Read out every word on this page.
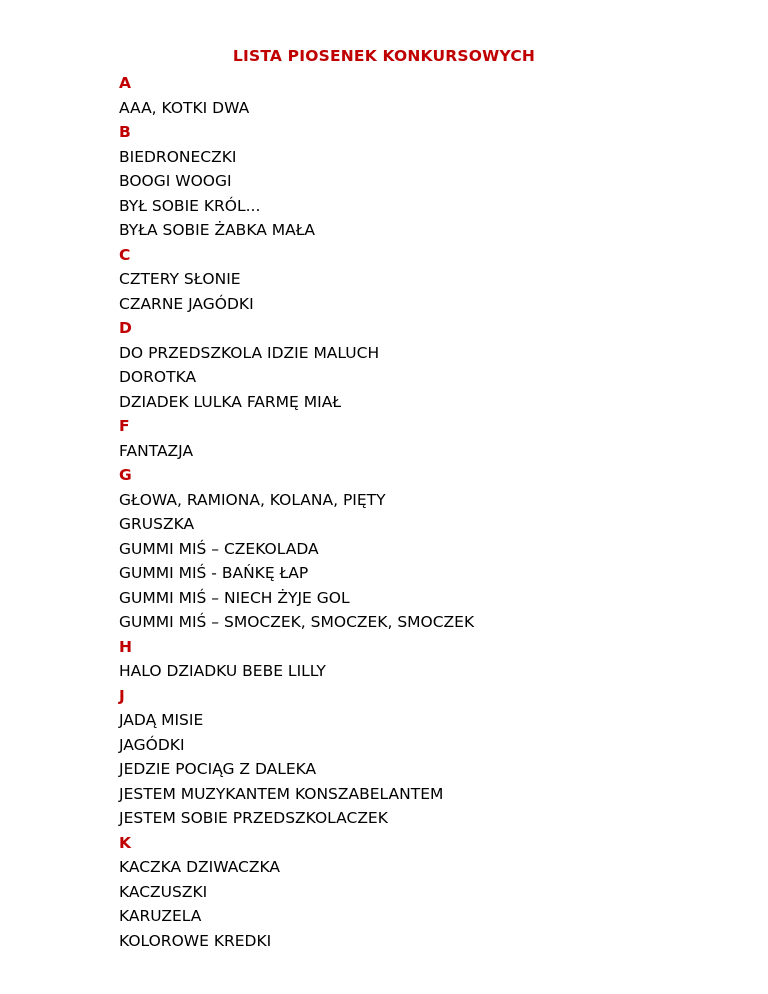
LISTA PIOSENEK KONKURSOWYCH
A
AAA, KOTKI DWA
B
BIEDRONECZKI
BOOGI WOOGI
BYŁ SOBIE KRÓL...
BYŁA SOBIE ŻABKA MAŁA
C
CZTERY SŁONIE
CZARNE JAGÓDKI
D
DO PRZEDSZKOLA IDZIE MALUCH
DOROTKA
DZIADEK LULKA FARMĘ MIAŁ
F
FANTAZJA
G
GŁOWA, RAMIONA, KOLANA, PIĘTY
GRUSZKA
GUMMI MIŚ – CZEKOLADA
GUMMI MIŚ - BAŃKĘ ŁAP
GUMMI MIŚ – NIECH ŻYJE GOL
GUMMI MIŚ – SMOCZEK, SMOCZEK, SMOCZEK
H
HALO DZIADKU BEBE LILLY
J
JADĄ MISIE
JAGÓDKI
JEDZIE POCIĄG Z DALEKA
JESTEM MUZYKANTEM KONSZABELANTEM
JESTEM SOBIE PRZEDSZKOLACZEK
K
KACZKA DZIWACZKA
KACZUSZKI
KARUZELA
KOLOROWE KREDKI
